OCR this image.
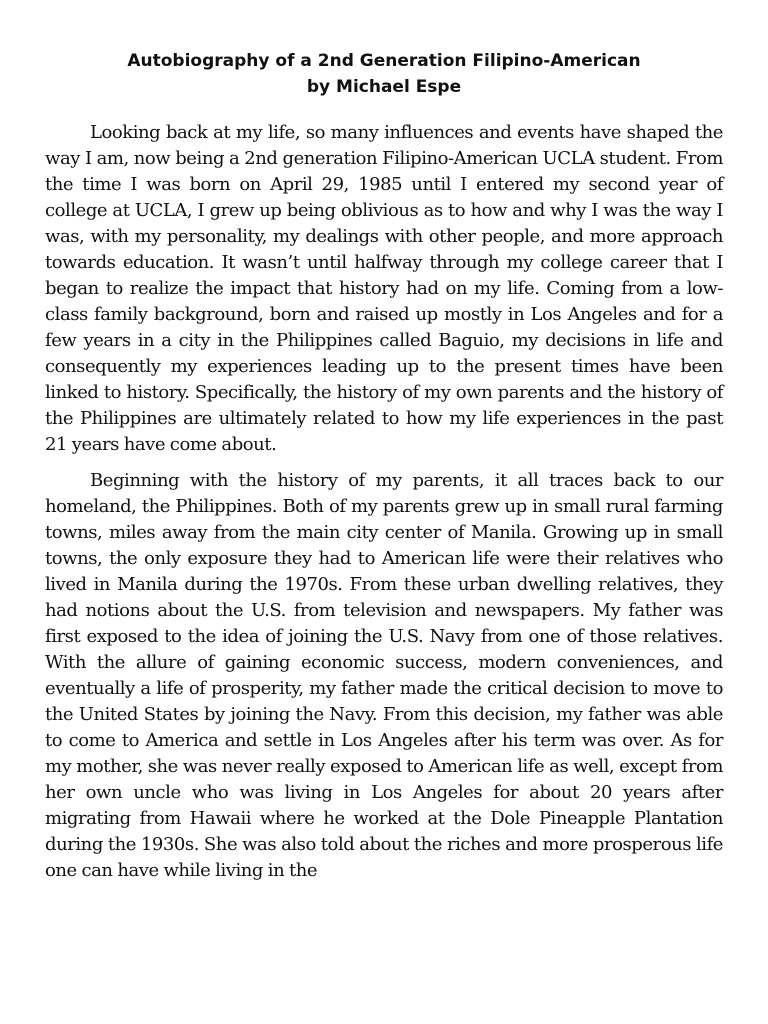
Autobiography of a 2nd Generation Filipino-American
by Michael Espe

Looking back at my life, so many influences and events have shaped the way I am, now being a 2nd generation Filipino-American UCLA student. From the time I was born on April 29, 1985 until I entered my second year of college at UCLA, I grew up being oblivious as to how and why I was the way I was, with my personality, my dealings with other people, and more approach towards education. It wasn’t until halfway through my college career that I began to realize the impact that history had on my life. Coming from a low-class family background, born and raised up mostly in Los Angeles and for a few years in a city in the Philippines called Baguio, my decisions in life and consequently my experiences leading up to the present times have been linked to history. Specifically, the history of my own parents and the history of the Philippines are ultimately related to how my life experiences in the past 21 years have come about.

Beginning with the history of my parents, it all traces back to our homeland, the Philippines. Both of my parents grew up in small rural farming towns, miles away from the main city center of Manila. Growing up in small towns, the only exposure they had to American life were their relatives who lived in Manila during the 1970s. From these urban dwelling relatives, they had notions about the U.S. from television and newspapers. My father was first exposed to the idea of joining the U.S. Navy from one of those relatives. With the allure of gaining economic success, modern conveniences, and eventually a life of prosperity, my father made the critical decision to move to the United States by joining the Navy. From this decision, my father was able to come to America and settle in Los Angeles after his term was over. As for my mother, she was never really exposed to American life as well, except from her own uncle who was living in Los Angeles for about 20 years after migrating from Hawaii where he worked at the Dole Pineapple Plantation during the 1930s. She was also told about the riches and more prosperous life one can have while living in the
